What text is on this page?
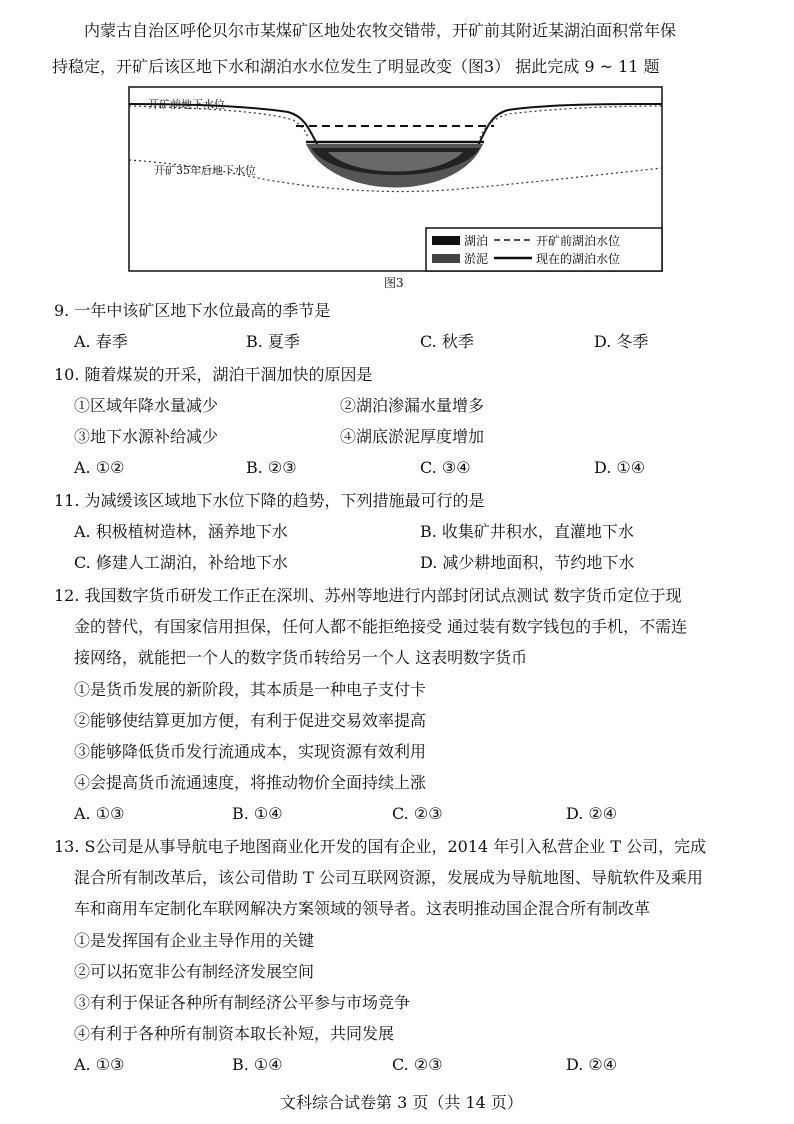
内蒙古自治区呼伦贝尔市某煤矿区地处农牧交错带，开矿前其附近某湖泊面积常年保
持稳定，开矿后该区地下水和湖泊水水位发生了明显改变（图3） 据此完成 9 ~ 11 题
开矿前地下水位
开矿35年后地下水位
湖泊
淤泥
开矿前湖泊水位
现在的湖泊水位
图3
9. 一年中该矿区地下水位最高的季节是
A. 春季	B. 夏季	C. 秋季	D. 冬季
10. 随着煤炭的开采，湖泊干涸加快的原因是
①区域年降水量减少	②湖泊渗漏水量增多
③地下水源补给减少	④湖底淤泥厚度增加
A. ①②	B. ②③	C. ③④	D. ①④
11. 为减缓该区域地下水位下降的趋势，下列措施最可行的是
A. 积极植树造林，涵养地下水	B. 收集矿井积水，直灌地下水
C. 修建人工湖泊，补给地下水	D. 减少耕地面积，节约地下水
12. 我国数字货币研发工作正在深圳、苏州等地进行内部封闭试点测试 数字货币定位于现
金的替代，有国家信用担保，任何人都不能拒绝接受 通过装有数字钱包的手机，不需连
接网络，就能把一个人的数字货币转给另一个人 这表明数字货币
①是货币发展的新阶段，其本质是一种电子支付卡
②能够使结算更加方便，有利于促进交易效率提高
③能够降低货币发行流通成本，实现资源有效利用
④会提高货币流通速度，将推动物价全面持续上涨
A. ①③	B. ①④	C. ②③	D. ②④
13. S公司是从事导航电子地图商业化开发的国有企业，2014 年引入私营企业 T 公司，完成
混合所有制改革后，该公司借助 T 公司互联网资源，发展成为导航地图、导航软件及乘用
车和商用车定制化车联网解决方案领域的领导者。这表明推动国企混合所有制改革
①是发挥国有企业主导作用的关键
②可以拓宽非公有制经济发展空间
③有利于保证各种所有制经济公平参与市场竞争
④有利于各种所有制资本取长补短，共同发展
A. ①③	B. ①④	C. ②③	D. ②④
文科综合试卷第 3 页（共 14 页）
